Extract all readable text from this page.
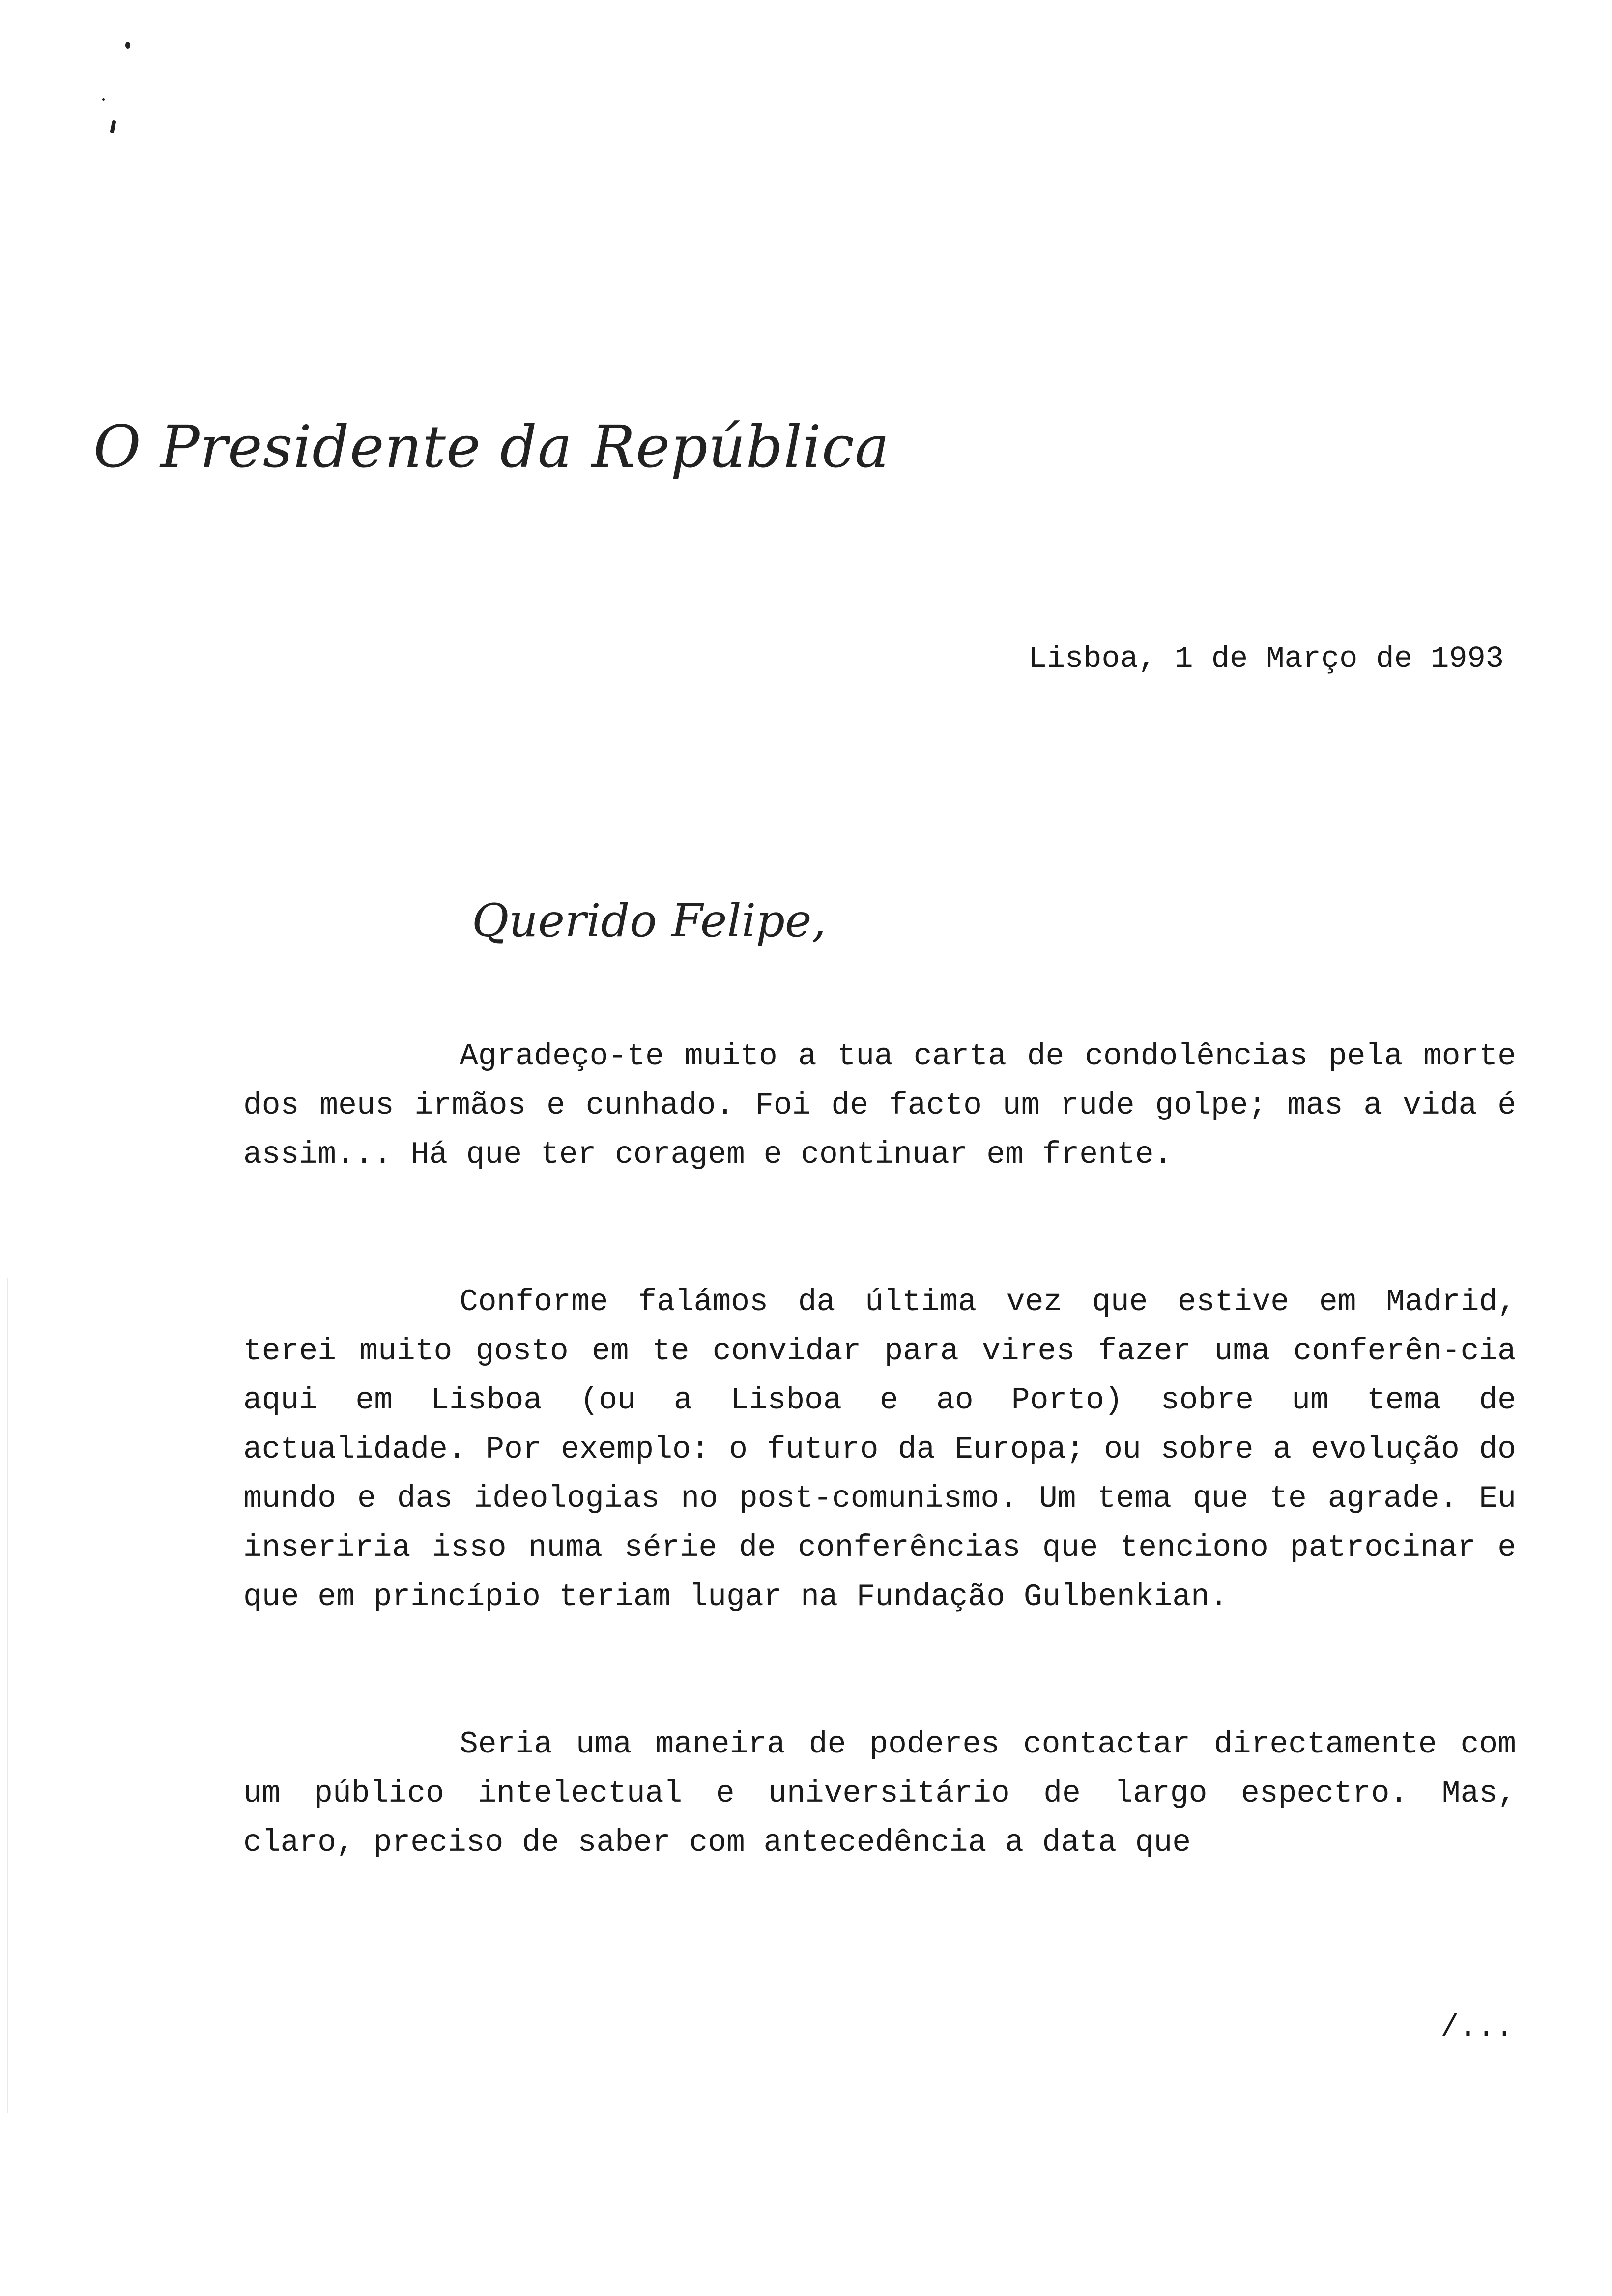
O Presidente da República
Lisboa, 1 de Março de 1993
Querido Felipe,

Agradeço-te muito a tua carta de condolências pela morte dos meus irmãos e cunhado. Foi de facto um rude golpe; mas a vida é assim... Há que ter coragem e continuar em frente.

Conforme falámos da última vez que estive em Madrid, terei muito gosto em te convidar para vires fazer uma conferên-cia aqui em Lisboa (ou a Lisboa e ao Porto) sobre um tema de actualidade. Por exemplo: o futuro da Europa; ou sobre a evolução do mundo e das ideologias no post-comunismo. Um tema que te agrade. Eu inseriria isso numa série de conferências que tenciono patrocinar e que em princípio teriam lugar na Fundação Gulbenkian.

Seria uma maneira de poderes contactar directamente com um público intelectual e universitário de largo espectro. Mas, claro, preciso de saber com antecedência a data que

/...
